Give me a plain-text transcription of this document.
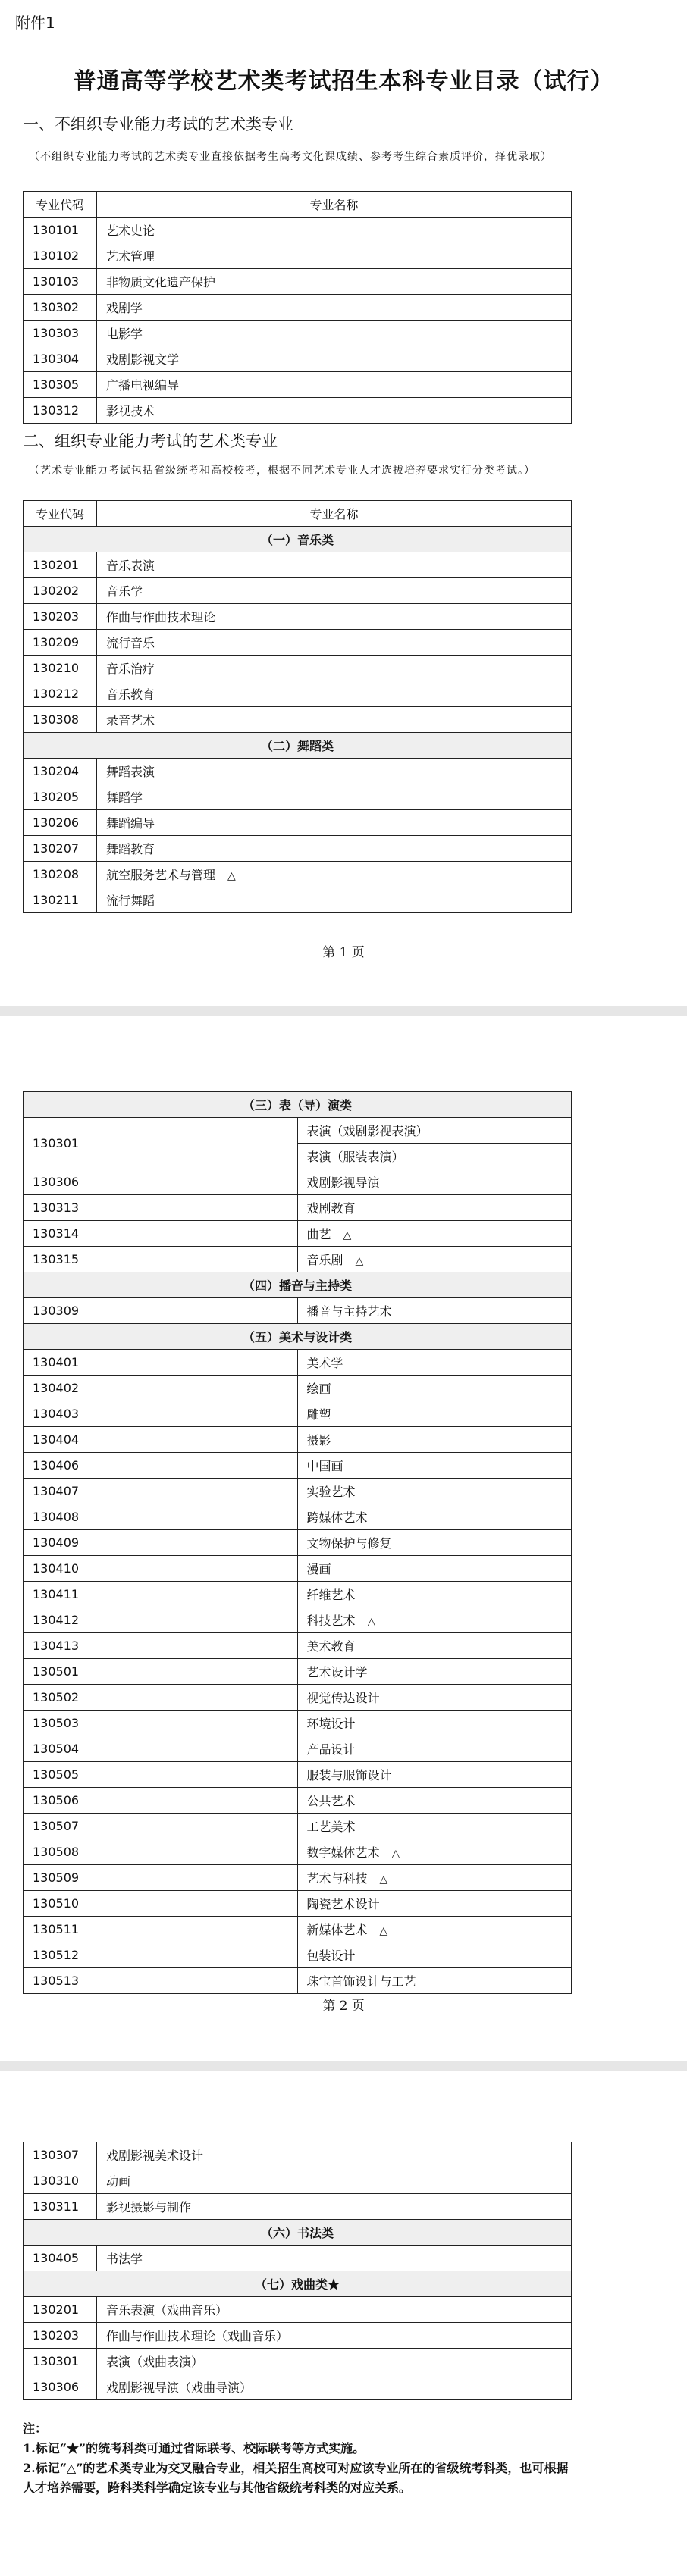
附件1
普通高等学校艺术类考试招生本科专业目录（试行）
一、不组织专业能力考试的艺术类专业
（不组织专业能力考试的艺术类专业直接依据考生高考文化课成绩、参考考生综合素质评价，择优录取）
专业代码	专业名称
130101	艺术史论
130102	艺术管理
130103	非物质文化遗产保护
130302	戏剧学
130303	电影学
130304	戏剧影视文学
130305	广播电视编导
130312	影视技术
二、组织专业能力考试的艺术类专业
（艺术专业能力考试包括省级统考和高校校考，根据不同艺术专业人才选拔培养要求实行分类考试。）
专业代码	专业名称
（一）音乐类	
130201	音乐表演
130202	音乐学
130203	作曲与作曲技术理论
130209	流行音乐
130210	音乐治疗
130212	音乐教育
130308	录音艺术
（二）舞蹈类	
130204	舞蹈表演
130205	舞蹈学
130206	舞蹈编导
130207	舞蹈教育
130208	航空服务艺术与管理 △
130211	流行舞蹈
第 1 页
（三）表（导）演类	
130301	表演（戏剧影视表演）
	表演（服装表演）
130306	戏剧影视导演
130313	戏剧教育
130314	曲艺 △
130315	音乐剧 △
（四）播音与主持类	
130309	播音与主持艺术
（五）美术与设计类	
130401	美术学
130402	绘画
130403	雕塑
130404	摄影
130406	中国画
130407	实验艺术
130408	跨媒体艺术
130409	文物保护与修复
130410	漫画
130411	纤维艺术
130412	科技艺术 △
130413	美术教育
130501	艺术设计学
130502	视觉传达设计
130503	环境设计
130504	产品设计
130505	服装与服饰设计
130506	公共艺术
130507	工艺美术
130508	数字媒体艺术 △
130509	艺术与科技 △
130510	陶瓷艺术设计
130511	新媒体艺术 △
130512	包装设计
130513	珠宝首饰设计与工艺
第 2 页
130307	戏剧影视美术设计
130310	动画
130311	影视摄影与制作
（六）书法类	
130405	书法学
（七）戏曲类★	
130201	音乐表演（戏曲音乐）
130203	作曲与作曲技术理论（戏曲音乐）
130301	表演（戏曲表演）
130306	戏剧影视导演（戏曲导演）
注：
1.标记“★”的统考科类可通过省际联考、校际联考等方式实施。
2.标记“△”的艺术类专业为交叉融合专业，相关招生高校可对应该专业所在的省级统考科类，也可根据人才培养需要，跨科类科学确定该专业与其他省级统考科类的对应关系。
